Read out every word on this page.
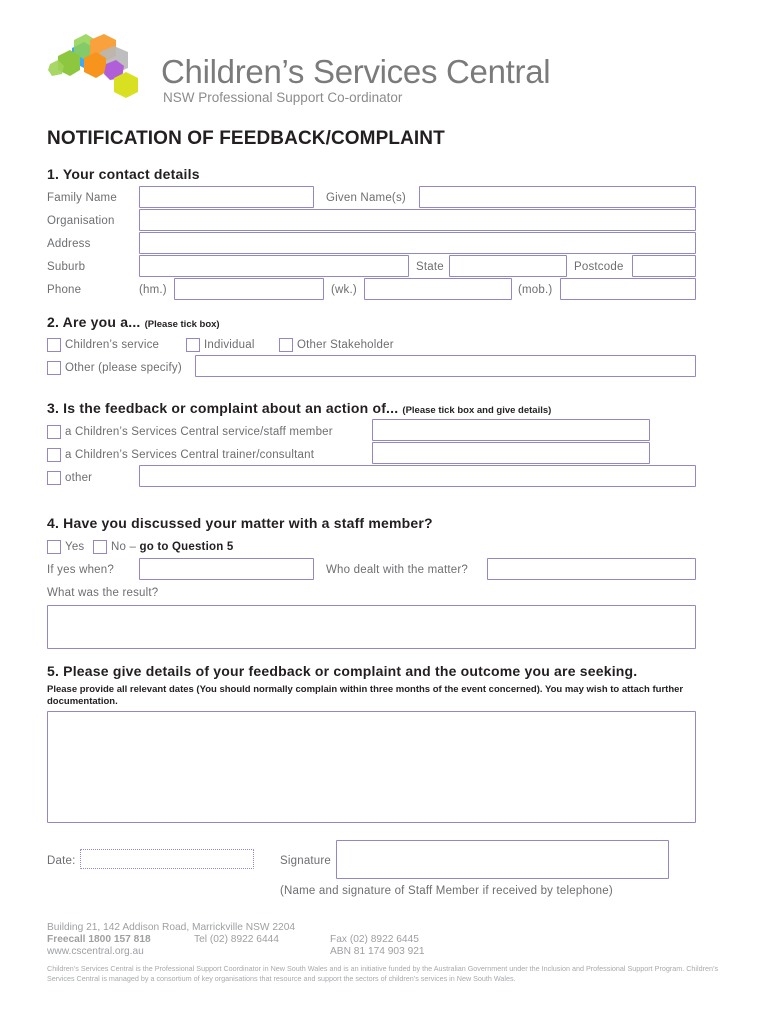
Children’s Services Central
NSW Professional Support Co-ordinator
NOTIFICATION OF FEEDBACK/COMPLAINT
1. Your contact details
Family Name	Given Name(s)
Organisation
Address
Suburb	State	Postcode
Phone	(hm.)	(wk.)	(mob.)
2. Are you a... (Please tick box)
Children’s service	Individual	Other Stakeholder
Other (please specify)
3. Is the feedback or complaint about an action of... (Please tick box and give details)
a Children’s Services Central service/staff member
a Children’s Services Central trainer/consultant
other
4. Have you discussed your matter with a staff member?
Yes No – go to Question 5
If yes when?	Who dealt with the matter?
What was the result?
5. Please give details of your feedback or complaint and the outcome you are seeking.
Please provide all relevant dates (You should normally complain within three months of the event concerned). You may wish to attach further documentation.
Date:	Signature
(Name and signature of Staff Member if received by telephone)
Building 21, 142 Addison Road, Marrickville NSW 2204
Freecall 1800 157 818	Tel (02) 8922 6444	Fax (02) 8922 6445
www.cscentral.org.au	ABN 81 174 903 921
Children’s Services Central is the Professional Support Coordinator in New South Wales and is an initiative funded by the Australian Government under the Inclusion and Professional Support Program. Children’s Services Central is managed by a consortium of key organisations that resource and support the sectors of children’s services in New South Wales.
